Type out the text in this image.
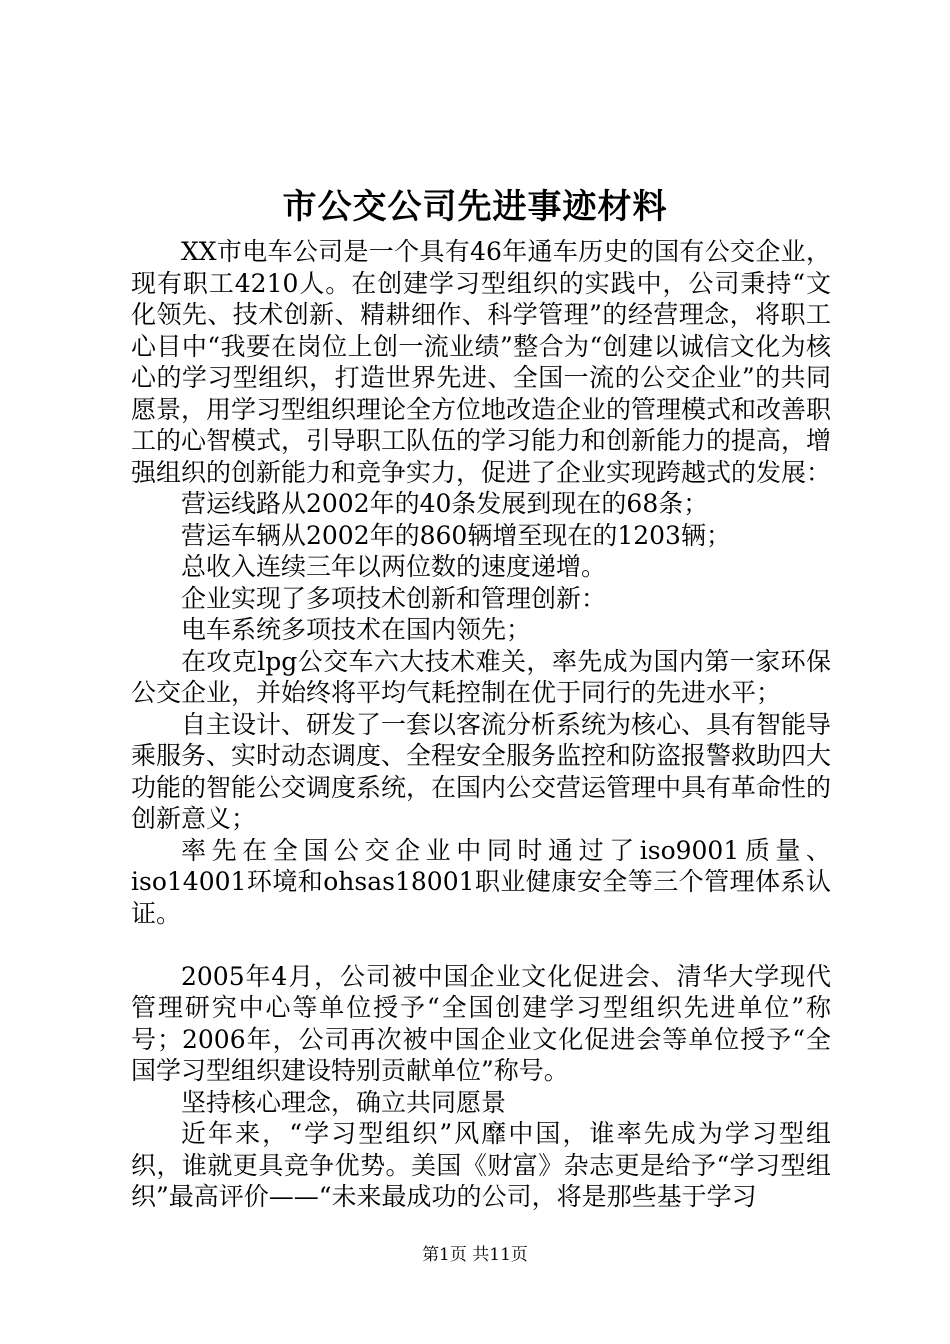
市公交公司先进事迹材料

XX市电车公司是一个具有46年通车历史的国有公交企业，现有职工4210人。在创建学习型组织的实践中，公司秉持“文化领先、技术创新、精耕细作、科学管理”的经营理念，将职工心目中“我要在岗位上创一流业绩”整合为“创建以诚信文化为核心的学习型组织，打造世界先进、全国一流的公交企业”的共同愿景，用学习型组织理论全方位地改造企业的管理模式和改善职工的心智模式，引导职工队伍的学习能力和创新能力的提高，增强组织的创新能力和竞争实力，促进了企业实现跨越式的发展：

营运线路从2002年的40条发展到现在的68条；

营运车辆从2002年的860辆增至现在的1203辆；

总收入连续三年以两位数的速度递增。

企业实现了多项技术创新和管理创新：

电车系统多项技术在国内领先；

在攻克lpg公交车六大技术难关，率先成为国内第一家环保公交企业，并始终将平均气耗控制在优于同行的先进水平；

自主设计、研发了一套以客流分析系统为核心、具有智能导乘服务、实时动态调度、全程安全服务监控和防盗报警救助四大功能的智能公交调度系统，在国内公交营运管理中具有革命性的创新意义；

率先在全国公交企业中同时通过了iso9001质量、iso14001环境和ohsas18001职业健康安全等三个管理体系认证。

2005年4月，公司被中国企业文化促进会、清华大学现代管理研究中心等单位授予“全国创建学习型组织先进单位”称号；2006年，公司再次被中国企业文化促进会等单位授予“全国学习型组织建设特别贡献单位”称号。

坚持核心理念，确立共同愿景

近年来，“学习型组织”风靡中国，谁率先成为学习型组织，谁就更具竞争优势。美国《财富》杂志更是给予“学习型组织”最高评价——“未来最成功的公司，将是那些基于学习

第1页 共11页
